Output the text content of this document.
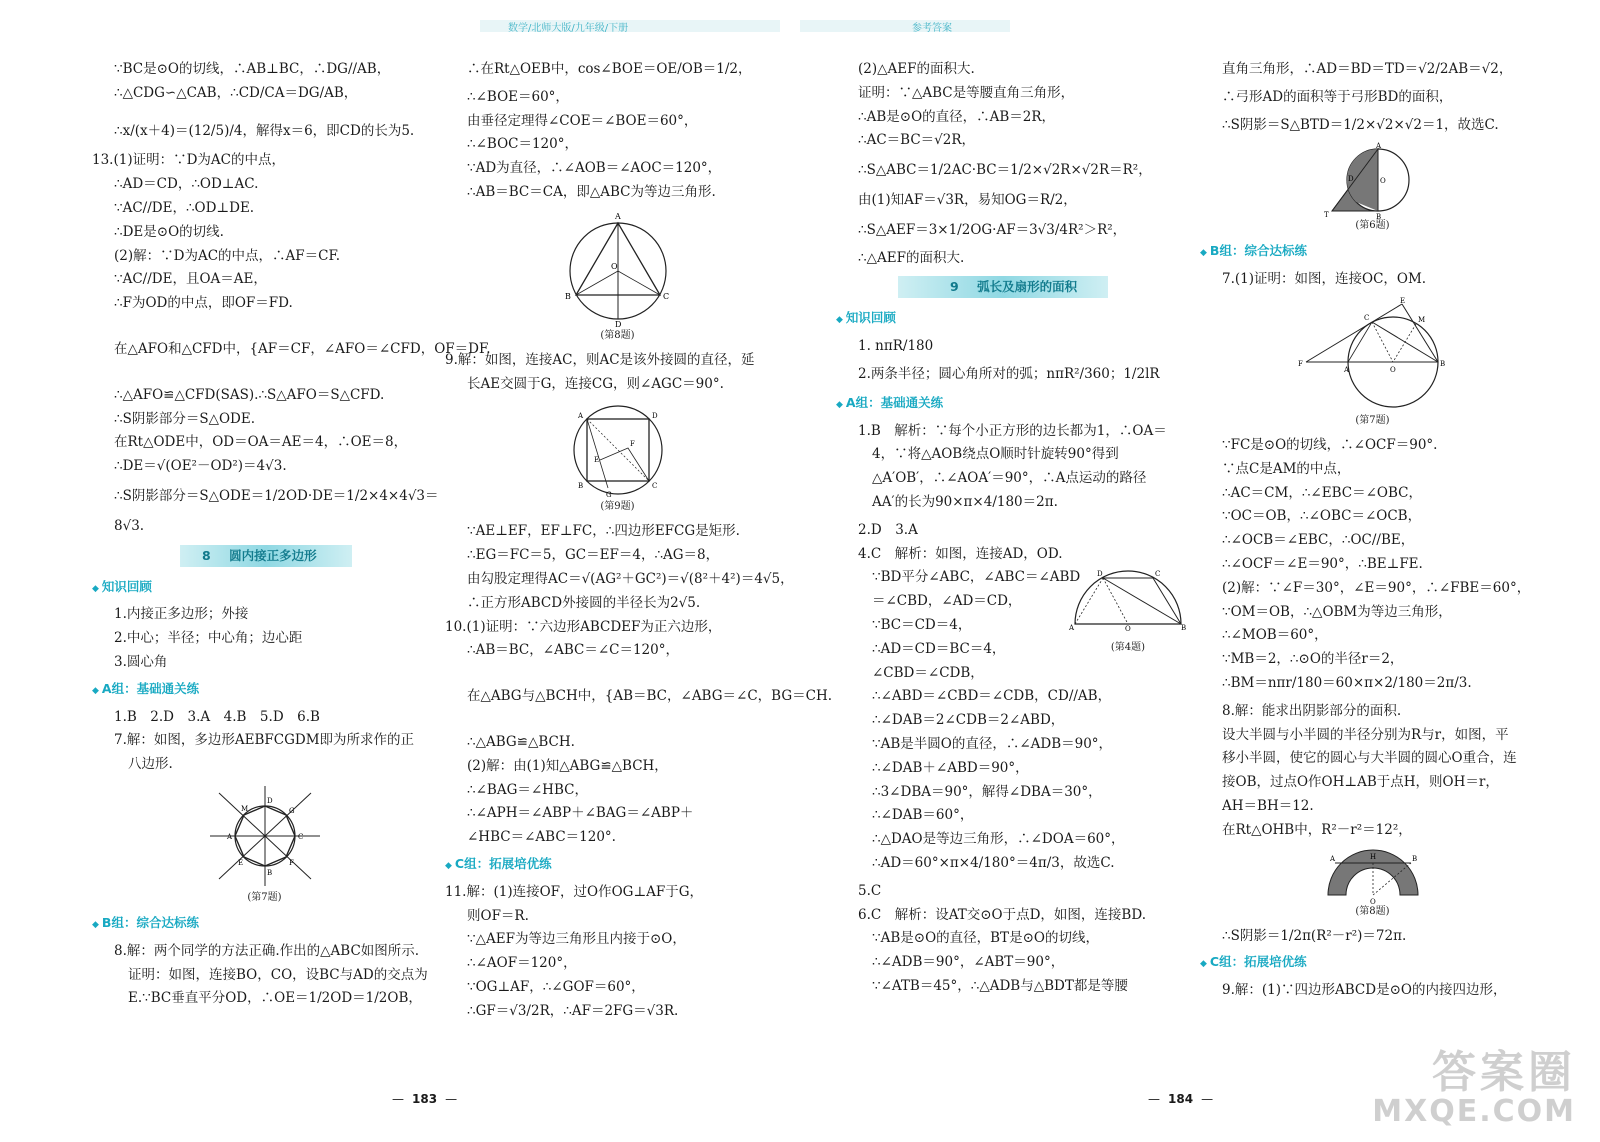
数学/北师大版/九年级/下册
∵BC是⊙O的切线，∴AB⊥BC，∴DG//AB，
∴△CDG∽△CAB，∴CD/CA＝DG/AB，
∴x/(x＋4)＝(12/5)/4，解得x＝6，即CD的长为5.
13.(1)证明：∵D为AC的中点，
∴AD＝CD，∴OD⊥AC.
∵AC//DE，∴OD⊥DE.
∴DE是⊙O的切线.
(2)解：∵D为AC的中点，∴AF＝CF.
∵AC//DE，且OA＝AE，
∴F为OD的中点，即OF＝FD.
在△AFO和△CFD中，{AF＝CF，∠AFO＝∠CFD，OF＝DF.
∴△AFO≌△CFD(SAS).∴S△AFO＝S△CFD.
∴S阴影部分＝S△ODE.
在Rt△ODE中，OD＝OA＝AE＝4，∴OE＝8，
∴DE＝√(OE²－OD²)＝4√3.
∴S阴影部分＝S△ODE＝1/2OD·DE＝1/2×4×4√3＝
8√3.
8 圆内接正多边形
◆ 知识回顾
1.内接正多边形；外接
2.中心；半径；中心角；边心距
3.圆心角
◆ A组：基础通关练
1.B　2.D　3.A　4.B　5.D　6.B
7.解：如图，多边形AEBFCGDM即为所求作的正
八边形.
M
D
G
C
F
B
E
A
(第7题)
◆ B组：综合达标练
8.解：两个同学的方法正确.作出的△ABC如图所示.
证明：如图，连接BO，CO，设BC与AD的交点为
E.∵BC垂直平分OD，∴OE＝1/2OD＝1/2OB，
∴在Rt△OEB中，cos∠BOE＝OE/OB＝1/2，
∴∠BOE＝60°，
由垂径定理得∠COE＝∠BOE＝60°，
∴∠BOC＝120°，
∵AD为直径，∴∠AOB＝∠AOC＝120°，
∴AB＝BC＝CA，即△ABC为等边三角形.
A
B	C
O
D
(第8题)
9.解：如图，连接AC，则AC是该外接圆的直径，延
长AE交圆于G，连接CG，则∠AGC＝90°.
A	D
B	C
E
F
G
(第9题)
∵AE⊥EF，EF⊥FC，∴四边形EFCG是矩形.
∴EG＝FC＝5，GC＝EF＝4，∴AG＝8，
由勾股定理得AC＝√(AG²＋GC²)＝√(8²＋4²)＝4√5，
∴正方形ABCD外接圆的半径长为2√5.
10.(1)证明：∵六边形ABCDEF为正六边形，
∴AB＝BC，∠ABC＝∠C＝120°，
在△ABG与△BCH中，{AB＝BC，∠ABG＝∠C，BG＝CH.
∴△ABG≌△BCH.
(2)解：由(1)知△ABG≌△BCH，
∴∠BAG＝∠HBC，
∴∠APH＝∠ABP＋∠BAG＝∠ABP＋
∠HBC＝∠ABC＝120°.
◆ C组：拓展培优练
11.解：(1)连接OF，过O作OG⊥AF于G，
则OF＝R.
∵△AEF为等边三角形且内接于⊙O，
∴∠AOF＝120°，
∵OG⊥AF，∴∠GOF＝60°，
∴GF＝√3/2R，∴AF＝2FG＝√3R.
— 183 —
参考答案
(2)△AEF的面积大.
证明：∵△ABC是等腰直角三角形，
∴AB是⊙O的直径，∴AB＝2R，
∴AC＝BC＝√2R，
∴S△ABC＝1/2AC·BC＝1/2×√2R×√2R＝R²，
由(1)知AF＝√3R，易知OG＝R/2，
∴S△AEF＝3×1/2OG·AF＝3√3/4R²＞R²，
∴△AEF的面积大.
9 弧长及扇形的面积
◆ 知识回顾
1. nπR/180
2.两条半径；圆心角所对的弧；nπR²/360；1/2lR
◆ A组：基础通关练
1.B　解析：∵每个小正方形的边长都为1，∴OA＝
4，∵将△AOB绕点O顺时针旋转90°得到
△A′OB′，∴∠AOA′＝90°，∴A点运动的路径
AA′的长为90×π×4/180＝2π.
2.D　3.A
4.C　解析：如图，连接AD，OD.
D	C
A	O	B
(第4题)
∵BD平分∠ABC，∠ABC＝∠ABD
＝∠CBD，∠AD＝CD，
∵BC＝CD＝4，
∴AD＝CD＝BC＝4，
∠CBD＝∠CDB，
∴∠ABD＝∠CBD＝∠CDB，CD//AB，
∴∠DAB＝2∠CDB＝2∠ABD，
∵AB是半圆O的直径，∴∠ADB＝90°，
∴∠DAB＋∠ABD＝90°，
∴3∠DBA＝90°，解得∠DBA＝30°，
∴∠DAB＝60°，
∴△DAO是等边三角形，∴∠DOA＝60°，
∴AD＝60°×π×4/180°＝4π/3，故选C.
5.C
6.C　解析：设AT交⊙O于点D，如图，连接BD.
∵AB是⊙O的直径，BT是⊙O的切线，
∴∠ADB＝90°，∠ABT＝90°，
∵∠ATB＝45°，∴△ADB与△BDT都是等腰
直角三角形，∴AD＝BD＝TD＝√2/2AB＝√2，
∴弓形AD的面积等于弓形BD的面积，
∴S阴影＝S△BTD＝1/2×√2×√2＝1，故选C.
A
O
D
T	B
(第6题)
◆ B组：综合达标练
7.(1)证明：如图，连接OC，OM.
E
C	M
F
A	O
B
(第7题)
∵FC是⊙O的切线，∴∠OCF＝90°.
∵点C是AM的中点，
∴AC＝CM，∴∠EBC＝∠OBC，
∵OC＝OB，∴∠OBC＝∠OCB，
∴∠OCB＝∠EBC，∴OC//BE，
∴∠OCF＝∠E＝90°，∴BE⊥FE.
(2)解：∵∠F＝30°，∠E＝90°，∴∠FBE＝60°，
∵OM＝OB，∴△OBM为等边三角形，
∴∠MOB＝60°，
∵MB＝2，∴⊙O的半径r＝2，
∴BM＝nπr/180＝60×π×2/180＝2π/3.
8.解：能求出阴影部分的面积.
设大半圆与小半圆的半径分别为R与r，如图，平
移小半圆，使它的圆心与大半圆的圆心O重合，连
接OB，过点O作OH⊥AB于点H，则OH＝r，
AH＝BH＝12.
在Rt△OHB中，R²－r²＝12²，
A	H	B
O
(第8题)
∴S阴影＝1/2π(R²－r²)＝72π.
◆ C组：拓展培优练
9.解：(1)∵四边形ABCD是⊙O的内接四边形，
— 184 —
答案圈
MXQE.COM
